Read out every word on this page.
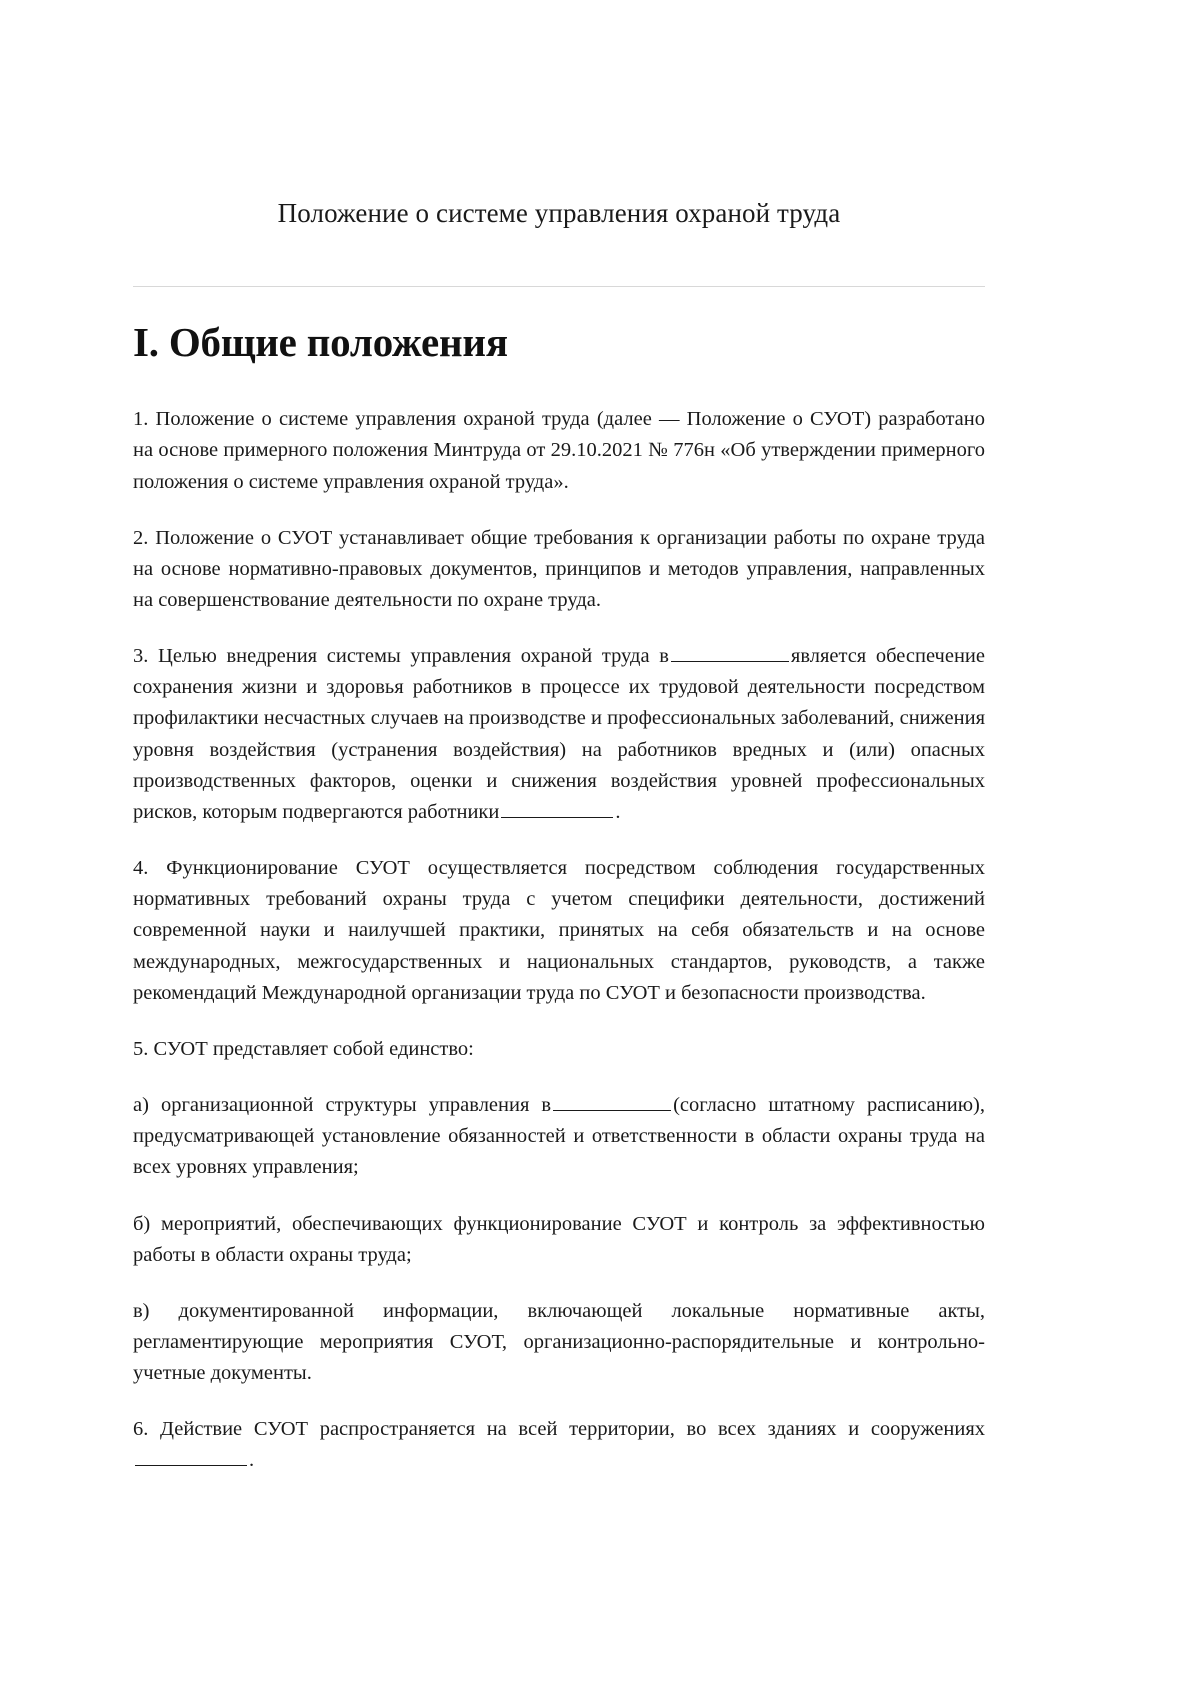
Положение о системе управления охраной труда
I. Общие положения

1. Положение о системе управления охраной труда (далее — Положение о СУОТ) разработано на основе примерного положения Минтруда от 29.10.2021 № 776н «Об утверждении примерного положения о системе управления охраной труда».

2. Положение о СУОТ устанавливает общие требования к организации работы по охране труда на основе нормативно-правовых документов, принципов и методов управления, направленных на совершенствование деятельности по охране труда.

3. Целью внедрения системы управления охраной труда в	является обеспечение сохранения жизни и здоровья работников в процессе их трудовой деятельности посредством профилактики несчастных случаев на производстве и профессиональных заболеваний, снижения уровня воздействия (устранения воздействия) на работников вредных и (или) опасных производственных факторов, оценки и снижения воздействия уровней профессиональных рисков, которым подвергаются работники	.

4. Функционирование СУОТ осуществляется посредством соблюдения государственных нормативных требований охраны труда с учетом специфики деятельности, достижений современной науки и наилучшей практики, принятых на себя обязательств и на основе международных, межгосударственных и национальных стандартов, руководств, а также рекомендаций Международной организации труда по СУОТ и безопасности производства.

5. СУОТ представляет собой единство:

а) организационной структуры управления в	(согласно штатному расписанию), предусматривающей установление обязанностей и ответственности в области охраны труда на всех уровнях управления;

б) мероприятий, обеспечивающих функционирование СУОТ и контроль за эффективностью работы в области охраны труда;

в) документированной информации, включающей локальные нормативные акты, регламентирующие мероприятия СУОТ, организационно-распорядительные и контрольно-учетные документы.

6. Действие СУОТ распространяется на всей территории, во всех зданиях и сооружениях.
